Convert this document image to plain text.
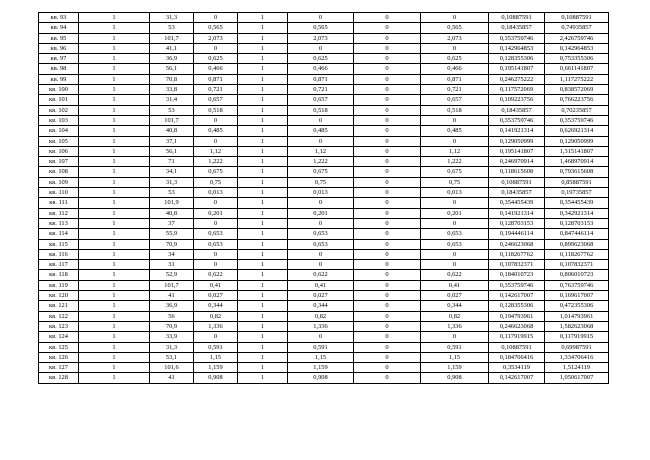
кв. 93	1	31,3	0	1	0	0	0	0,10887591	0,10887591
кв. 94	1	53	0,565	1	0,565	0	0,565	0,18435857	0,74935857
кв. 95	1	101,7	2,073	1	2,073	0	2,073	0,353759746	2,426759746
кв. 96	1	41,1	0	1	0	0	0	0,142964853	0,142964853
кв. 97	1	36,9	0,625	1	0,625	0	0,625	0,128355306	0,753355306
кв. 98	1	56,1	0,466	1	0,466	0	0,466	0,195141807	0,661141807
кв. 99	1	70,8	0,871	1	0,871	0	0,871	0,246275222	1,117275222
кв. 100	1	33,8	0,721	1	0,721	0	0,721	0,117572069	0,838572069
кв. 101	1	31,4	0,657	1	0,657	0	0,657	0,109223756	0,766223756
кв. 102	1	53	0,518	1	0,518	0	0,518	0,18435857	0,70235857
кв. 103	1	101,7	0	1	0	0	0	0,353759746	0,353759746
кв. 104	1	40,8	0,485	1	0,485	0	0,485	0,141921314	0,626921314
кв. 105	1	37,1	0	1	0	0	0	0,129050999	0,129050999
кв. 106	1	56,1	1,12	1	1,12	0	1,12	0,195141807	1,315141807
кв. 107	1	71	1,222	1	1,222	0	1,222	0,246970914	1,468970914
кв. 108	1	34,1	0,675	1	0,675	0	0,675	0,118615608	0,793615608
кв. 109	1	31,3	0,75	1	0,75	0	0,75	0,10887591	0,85887591
кв. 110	1	53	0,013	1	0,013	0	0,013	0,18435857	0,19735857
кв. 111	1	101,9	0	1	0	0	0	0,354455439	0,354455439
кв. 112	1	40,8	0,201	1	0,201	0	0,201	0,141921314	0,342921314
кв. 113	1	37	0	1	0	0	0	0,128703153	0,128703153
кв. 114	1	55,9	0,653	1	0,653	0	0,653	0,194446114	0,847446114
кв. 115	1	70,9	0,653	1	0,653	0	0,653	0,246623068	0,899623068
кв. 116	1	34	0	1	0	0	0	0,118267762	0,118267762
кв. 117	1	31	0	1	0	0	0	0,107832371	0,107832371
кв. 118	1	52,9	0,622	1	0,622	0	0,622	0,184010723	0,806010723
кв. 119	1	101,7	0,41	1	0,41	0	0,41	0,353759746	0,763759746
кв. 120	1	41	0,027	1	0,027	0	0,027	0,142617007	0,169617007
кв. 121	1	36,9	0,344	1	0,344	0	0,344	0,128355306	0,472355306
кв. 122	1	56	0,82	1	0,82	0	0,82	0,194793961	1,014793961
кв. 123	1	70,9	1,336	1	1,336	0	1,336	0,246623068	1,582623068
кв. 124	1	33,9	0	1	0	0	0	0,117919915	0,117919915
кв. 125	1	31,3	0,591	1	0,591	0	0,591	0,10887591	0,69987591
кв. 126	1	53,1	1,15	1	1,15	0	1,15	0,184706416	1,334706416
кв. 127	1	101,6	1,159	1	1,159	0	1,159	0,3534119	1,5124119
кв. 128	1	41	0,908	1	0,908	0	0,908	0,142617007	1,050617007
